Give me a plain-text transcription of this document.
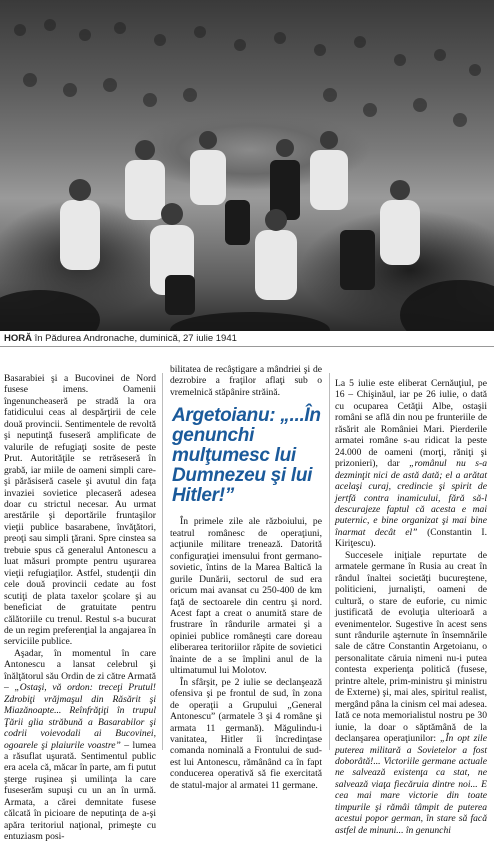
HORĂ în Pădurea Andronache, duminică, 27 iulie 1941

Basarabiei şi a Bucovinei de Nord fusese imens. Oamenii îngenuncheaseră pe stradă la ora fatidicului ceas al despărţirii de cele două provincii. Sentimentele de revoltă şi neputinţă fuseseră amplificate de valurile de refugiaţi sosite de peste Prut. Autorităţile se retrăseseră în grabă, iar miile de oameni simpli care-şi părăsiseră casele şi avutul din faţa invaziei sovietice plecaseră adesea doar cu strictul necesar. Au urmat arestările şi deportările fruntaşilor vieţii publice basarabene, învăţători, preoţi sau simpli ţărani. Spre cinstea sa trebuie spus că generalul Antonescu a luat măsuri prompte pentru uşurarea vieţii refugiaţilor. Astfel, studenţii din cele două provincii cedate au fost scutiţi de plata taxelor şcolare şi au beneficiat de gratuitate pentru călătoriile cu trenul. Restul s-a bucurat de un regim preferenţial la angajarea în serviciile publice.

Aşadar, în momentul în care Antonescu a lansat celebrul şi înălţătorul său Ordin de zi către Armată – „Ostaşi, vă ordon: treceţi Prutul! Zdrobiţi vrăjmaşul din Răsărit şi Miazănoapte... Reînfrăţiţi în trupul Ţării glia străbună a Basarabilor şi codrii voievodali ai Bucovinei, ogoarele şi plaiurile voastre” – lumea a răsuflat uşurată. Sentimentul public era acela că, măcar în parte, am fi putut şterge ruşinea şi umilinţa la care fuseserăm supuşi cu un an în urmă. Armata, a cărei demnitate fusese călcată în picioare de neputinţa de a-şi apăra teritoriul naţional, primeşte cu entuziasm posi-

bilitatea de recâştigare a mândriei şi de dezrobire a fraţilor aflaţi sub o vremelnică stăpânire străină.

Argetoianu: „...În genunchi mulţumesc lui Dumnezeu şi lui Hitler!”

În primele zile ale războiului, pe teatrul românesc de operaţiuni, acţiunile militare trenează. Datorită configuraţiei imensului front germano-sovietic, întins de la Marea Baltică la gurile Dunării, sectorul de sud era oricum mai avansat cu 250-400 de km faţă de sectoarele din centru şi nord. Acest fapt a creat o anumită stare de frustrare în rândurile armatei şi a opiniei publice româneşti care doreau eliberarea teritoriilor răpite de sovietici înainte de a se împlini anul de la ultimatumul lui Molotov.

În sfârşit, pe 2 iulie se declanşează ofensiva şi pe frontul de sud, în zona de operaţii a Grupului „General Antonescu” (armatele 3 şi 4 române şi armata 11 germană). Măgulindu-i vanitatea, Hitler îi încredinţase comanda nominală a Frontului de sud-est lui Antonescu, rămânând ca în fapt conducerea operativă să fie exercitată de statul-major al armatei 11 germane.

La 5 iulie este eliberat Cernăuţiul, pe 16 – Chişinăul, iar pe 26 iulie, o dată cu ocuparea Cetăţii Albe, ostaşii români se află din nou pe frunteriile de răsărit ale României Mari. Pierderile armatei române s-au ridicat la peste 24.000 de oameni (morţi, răniţi şi prizonieri), dar „românul nu s-a dezminţit nici de astă dată; el a arătat acelaşi curaj, credincie şi spirit de jertfă contra inamicului, fără să-l descurajeze faptul că acesta e mai puternic, e bine organizat şi mai bine înarmat decât el” (Constantin I. Kiriţescu).

Succesele iniţiale repurtate de armatele germane în Rusia au creat în rândul înaltei societăţi bucureştene, politicieni, jurnalişti, oameni de cultură, o stare de euforie, cu nimic justificată de evoluţia ulterioară a evenimentelor. Sugestive în acest sens sunt rândurile aşternute în însemnările sale de către Constantin Argetoianu, o personalitate căruia nimeni nu-i putea contesta experienţa politică (fusese, printre altele, prim-ministru şi ministru de Externe) şi, mai ales, spiritul realist, mergând pâna la cinism cel mai adesea. Iată ce nota memorialistul nostru pe 30 iunie, la doar o săptămână de la declanşarea operaţiunilor: „În opt zile puterea militară a Sovietelor a fost doborâtă!... Victoriile germane actuale ne salvează existenţa ca stat, ne salvează viaţa fiecăruia dintre noi... E cea mai mare victorie din toate timpurile şi rămâi tâmpit de puterea acestui popor german, în stare să facă astfel de minuni... în genunchi
